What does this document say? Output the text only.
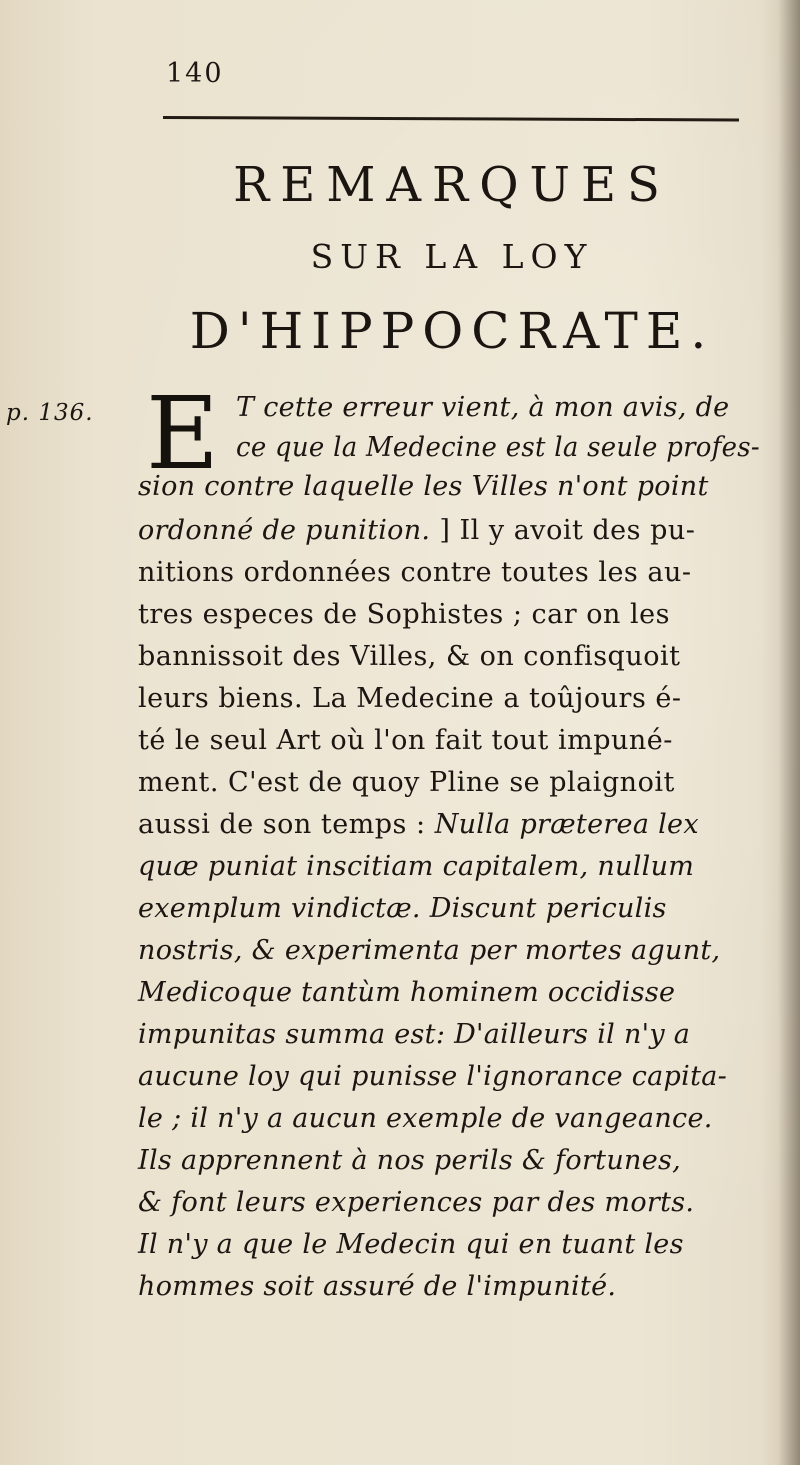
140
REMARQUES
SUR LA LOY
D'HIPPOCRATE.
p. 136. E T cette erreur vient, à mon avis, de
ce que la Medecine est la seule profes-
sion contre laquelle les Villes n'ont point
ordonné de punition. ] Il y avoit des pu-
nitions ordonnées contre toutes les au-
tres especes de Sophistes ; car on les
bannissoit des Villes, & on confisquoit
leurs biens. La Medecine a toûjours é-
té le seul Art où l'on fait tout impuné-
ment. C'est de quoy Pline se plaignoit
aussi de son temps : Nulla præterea lex
quæ puniat inscitiam capitalem, nullum
exemplum vindictæ. Discunt periculis
nostris, & experimenta per mortes agunt,
Medicoque tantùm hominem occidisse
impunitas summa est: D'ailleurs il n'y a
aucune loy qui punisse l'ignorance capita-
le ; il n'y a aucun exemple de vangeance.
Ils apprennent à nos perils & fortunes,
& font leurs experiences par des morts.
Il n'y a que le Medecin qui en tuant les
hommes soit assuré de l'impunité.
